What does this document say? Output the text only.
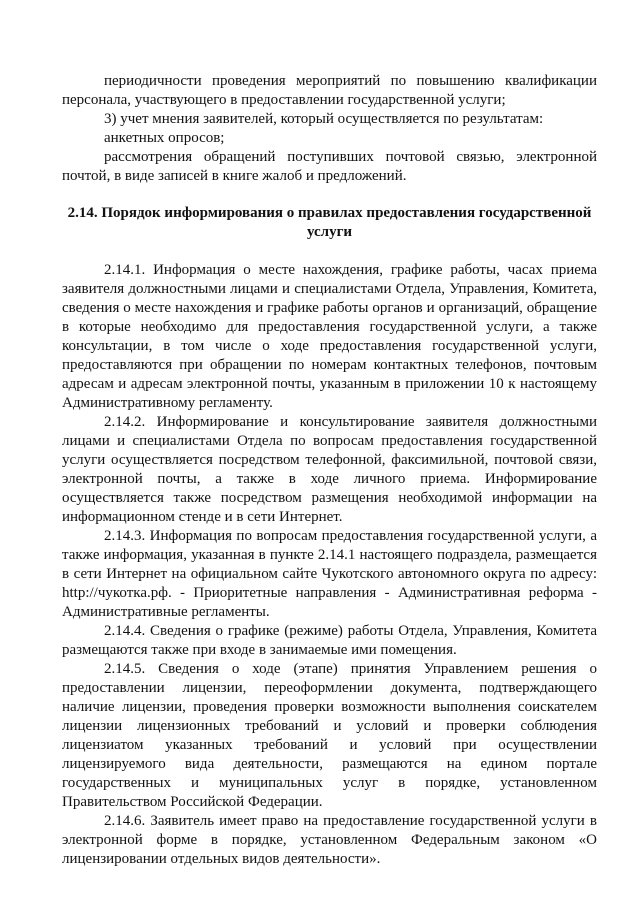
периодичности проведения мероприятий по повышению квалификации персонала, участвующего в предоставлении государственной услуги;

3) учет мнения заявителей, который осуществляется по результатам:

анкетных опросов;

рассмотрения обращений поступивших почтовой связью, электронной почтой, в виде записей в книге жалоб и предложений.

2.14. Порядок информирования о правилах предоставления государственной услуги

2.14.1. Информация о месте нахождения, графике работы, часах приема заявителя должностными лицами и специалистами Отдела, Управления, Комитета, сведения о месте нахождения и графике работы органов и организаций, обращение в которые необходимо для предоставления государственной услуги, а также консультации, в том числе о ходе предоставления государственной услуги, предоставляются при обращении по номерам контактных телефонов, почтовым адресам и адресам электронной почты, указанным в приложении 10 к настоящему Административному регламенту.

2.14.2. Информирование и консультирование заявителя должностными лицами и специалистами Отдела по вопросам предоставления государственной услуги осуществляется посредством телефонной, факсимильной, почтовой связи, электронной почты, а также в ходе личного приема. Информирование осуществляется также посредством размещения необходимой информации на информационном стенде и в сети Интернет.

2.14.3. Информация по вопросам предоставления государственной услуги, а также информация, указанная в пункте 2.14.1 настоящего подраздела, размещается в сети Интернет на официальном сайте Чукотского автономного округа по адресу: http://чукотка.рф. - Приоритетные направления - Административная реформа - Административные регламенты.

2.14.4. Сведения о графике (режиме) работы Отдела, Управления, Комитета размещаются также при входе в занимаемые ими помещения.

2.14.5. Сведения о ходе (этапе) принятия Управлением решения о предоставлении лицензии, переоформлении документа, подтверждающего наличие лицензии, проведения проверки возможности выполнения соискателем лицензии лицензионных требований и условий и проверки соблюдения лицензиатом указанных требований и условий при осуществлении лицензируемого вида деятельности, размещаются на едином портале государственных и муниципальных услуг в порядке, установленном Правительством Российской Федерации.

2.14.6. Заявитель имеет право на предоставление государственной услуги в электронной форме в порядке, установленном Федеральным законом «О лицензировании отдельных видов деятельности».
